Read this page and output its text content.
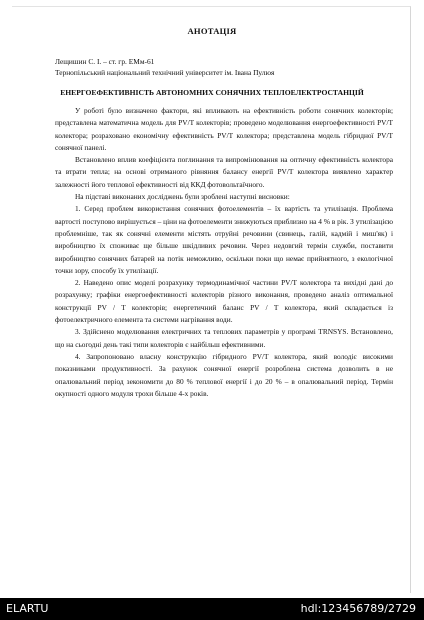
АНОТАЦІЯ
Лещишин С. І. – ст. гр. ЕМм-61
Тернопільський національний технічний університет ім. Івана Пулюя
ЕНЕРГОЕФЕКТИВНІСТЬ АВТОНОМНИХ СОНЯЧНИХ ТЕПЛОЕЛЕКТРОСТАНЦІЙ

У роботі було визначено фактори, які впливають на ефективність роботи сонячних колекторів; представлена математична модель для PV/T колекторів; проведено моделювання енергоефективності PV/T колектора; розраховано економічну ефективність PV/T колектора; представлена модель гібридної PV/T сонячної панелі.

Встановлено вплив коефіцієнта поглинання та випромінювання на оптичну ефективність колектора та втрати тепла; на основі отриманого рівняння балансу енергії PV/T колектора виявлено характер залежності його теплової ефективності від ККД фотовольтаїчного.

На підставі виконаних досліджень були зроблені наступні висновки:

1. Серед проблем використання сонячних фотоелементів – їх вартість та утилізація. Проблема вартості поступово вирішується – ціни на фотоелементи знижуються приблизно на 4 % в рік. З утилізацією проблемніше, так як сонячні елементи містять отруйні речовини (свинець, галій, кадмій і миш'як) і виробництво їх споживає ще більше шкідливих речовин. Через недовгий термін служби, поставити виробництво сонячних батарей на потік неможливо, оскільки поки що немає прийнятного, з екологічної точки зору, способу їх утилізації.

2. Наведено опис моделі розрахунку термодинамічної частини PV/T колектора та вихідні дані до розрахунку; графіки енергоефективності колекторів різного виконання, проведено аналіз оптимальної конструкції PV / T колекторів; енергетичний баланс PV / T колектора, який складається із фотоелектричного елемента та системи нагрівання води.

3. Здійснено моделювання електричних та теплових параметрів у програмі TRNSYS. Встановлено, що на сьогодні день такі типи колекторів є найбільш ефективними.

4. Запропоновано власну конструкцію гібридного PV/T колектора, який володіє високими показниками продуктивності. За рахунок сонячної енергії розроблена система дозволить в не опалювальний період зекономити до 80 % теплової енергії і до 20 % – в опалювальний період. Термін окупності одного модуля трохи більше 4-х років.

ELARTU	hdl:123456789/2729
